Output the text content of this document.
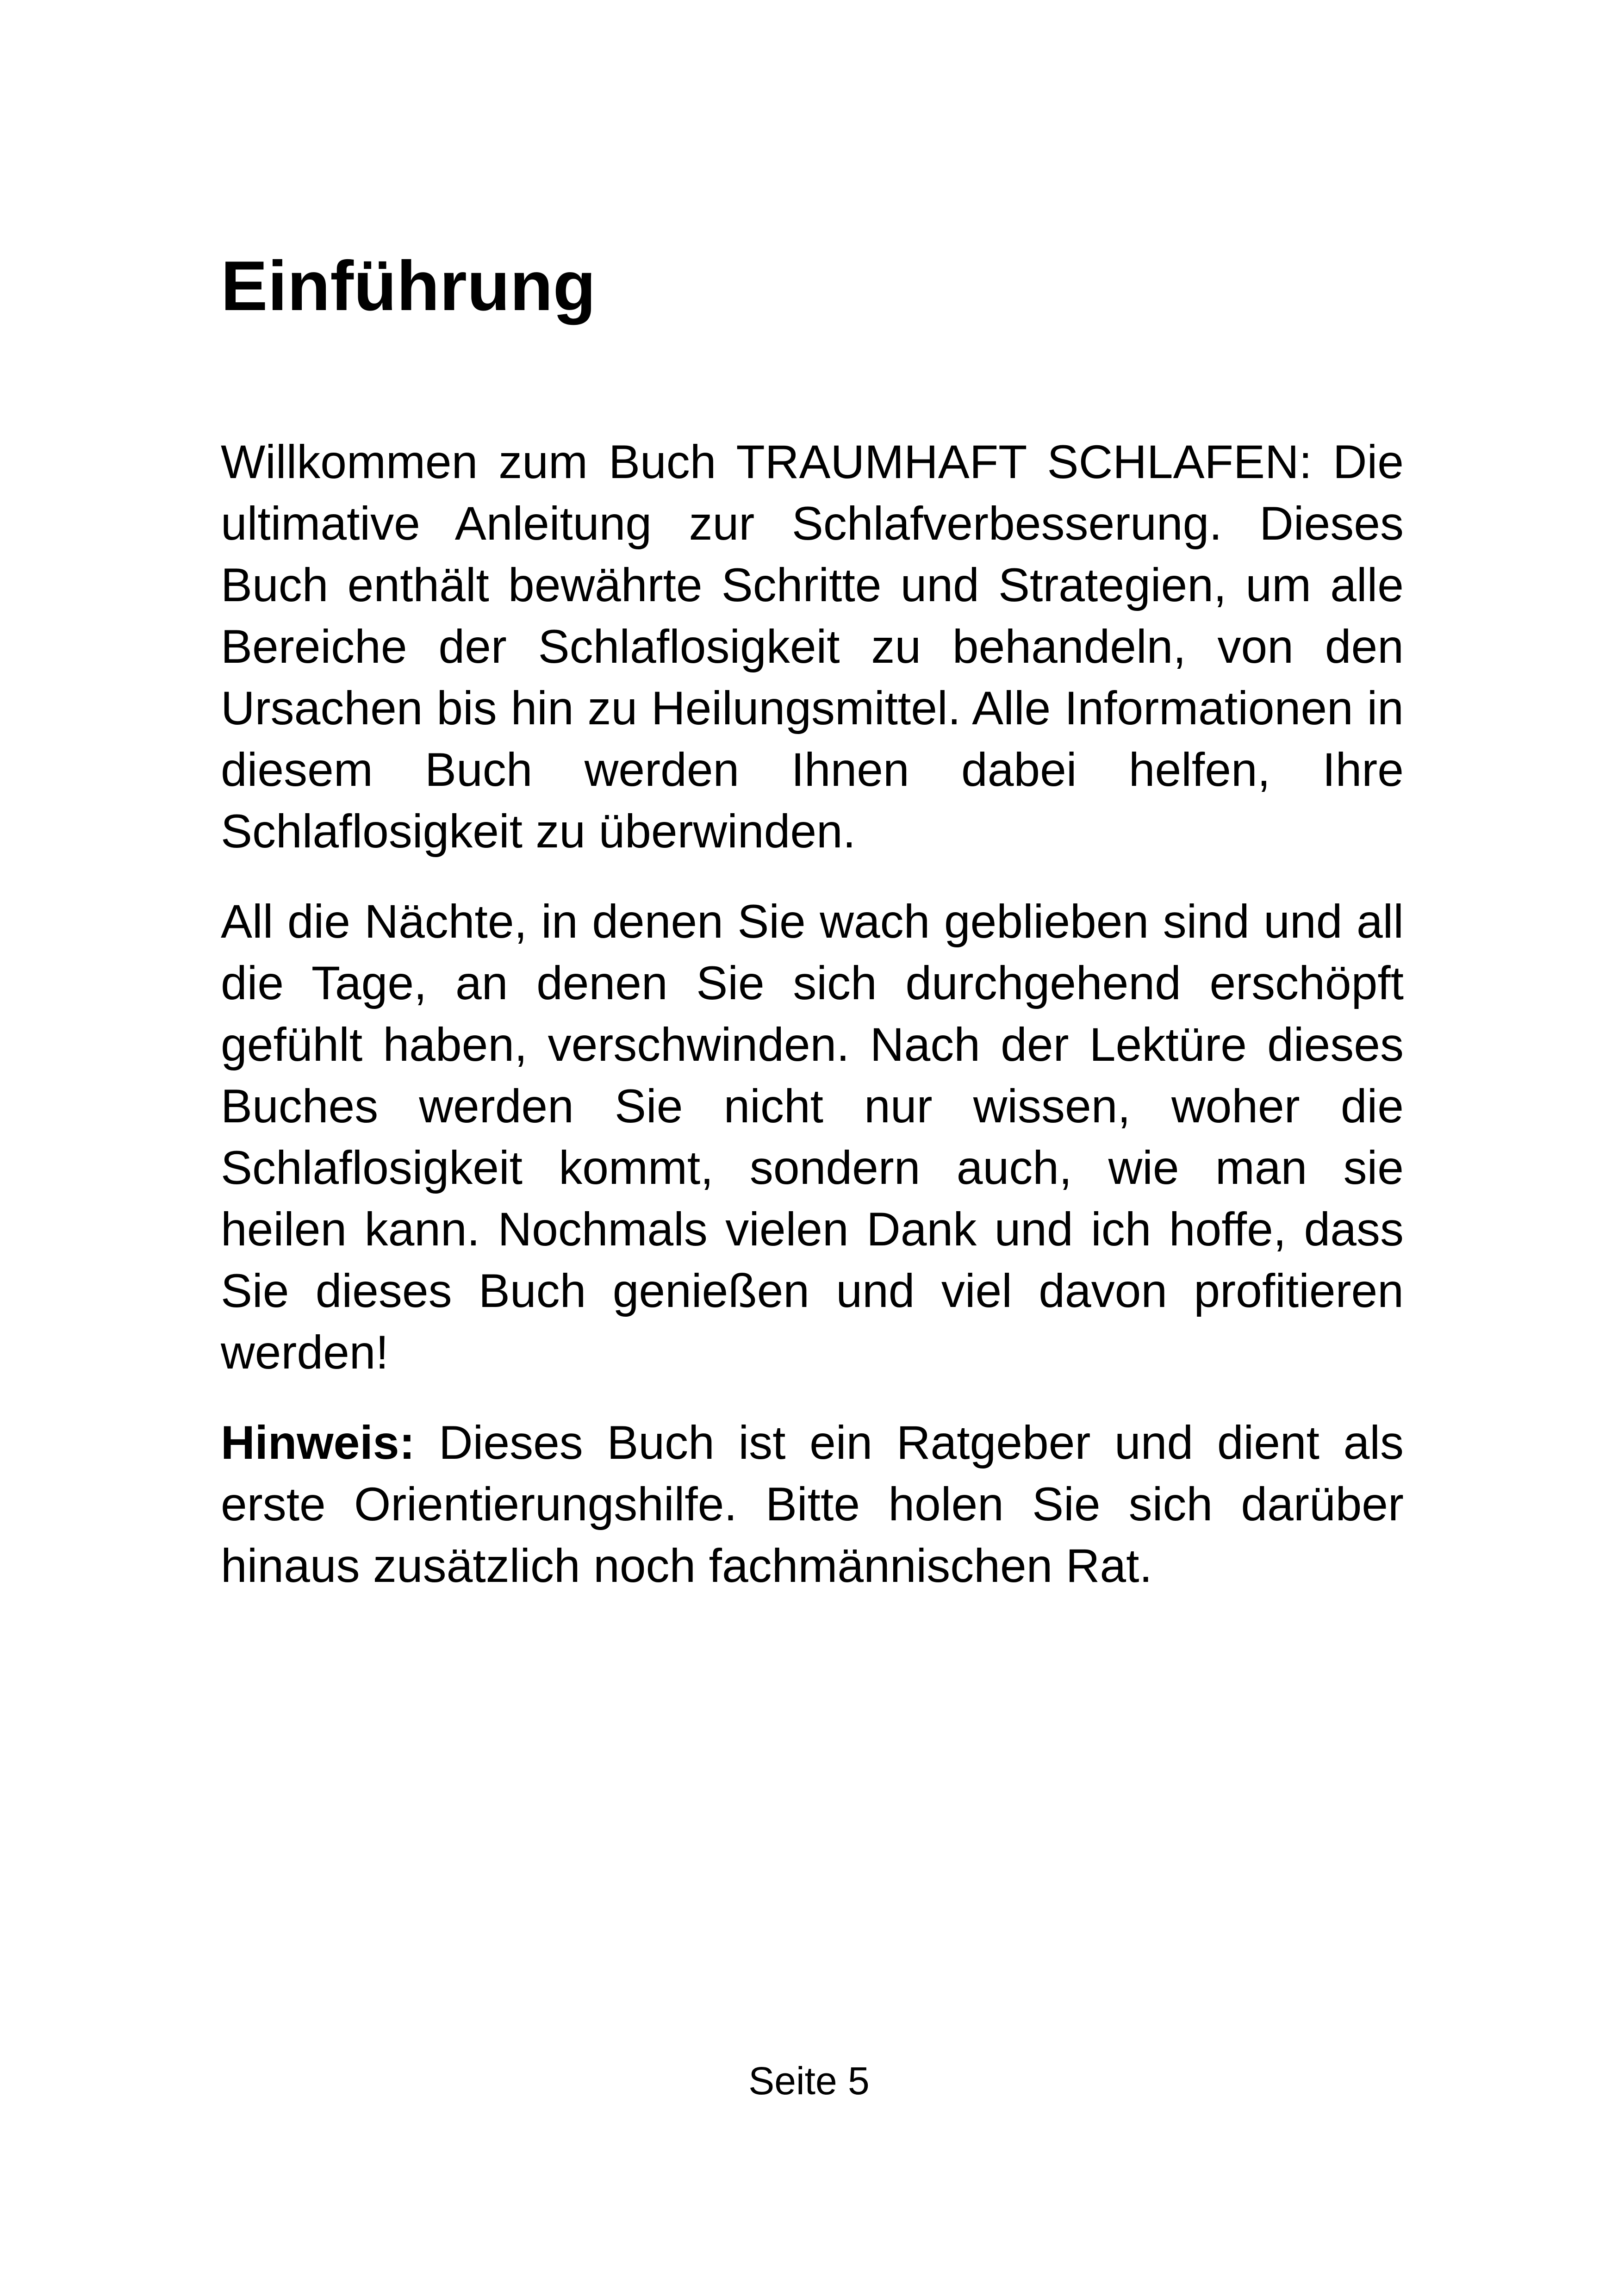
Einführung

Willkommen zum Buch TRAUMHAFT SCHLAFEN: Die ultimative Anleitung zur Schlafverbesserung. Dieses Buch enthält bewährte Schritte und Strategien, um alle Bereiche der Schlaflosigkeit zu behandeln, von den Ursachen bis hin zu Heilungsmittel. Alle Informationen in diesem Buch werden Ihnen dabei helfen, Ihre Schlaflosigkeit zu überwinden.

All die Nächte, in denen Sie wach geblieben sind und all die Tage, an denen Sie sich durchgehend erschöpft gefühlt haben, verschwinden. Nach der Lektüre dieses Buches werden Sie nicht nur wissen, woher die Schlaflosigkeit kommt, sondern auch, wie man sie heilen kann. Nochmals vielen Dank und ich hoffe, dass Sie dieses Buch genießen und viel davon profitieren werden!

Hinweis: Dieses Buch ist ein Ratgeber und dient als erste Orientierungshilfe. Bitte holen Sie sich darüber hinaus zusätzlich noch fachmännischen Rat.

Seite 5
